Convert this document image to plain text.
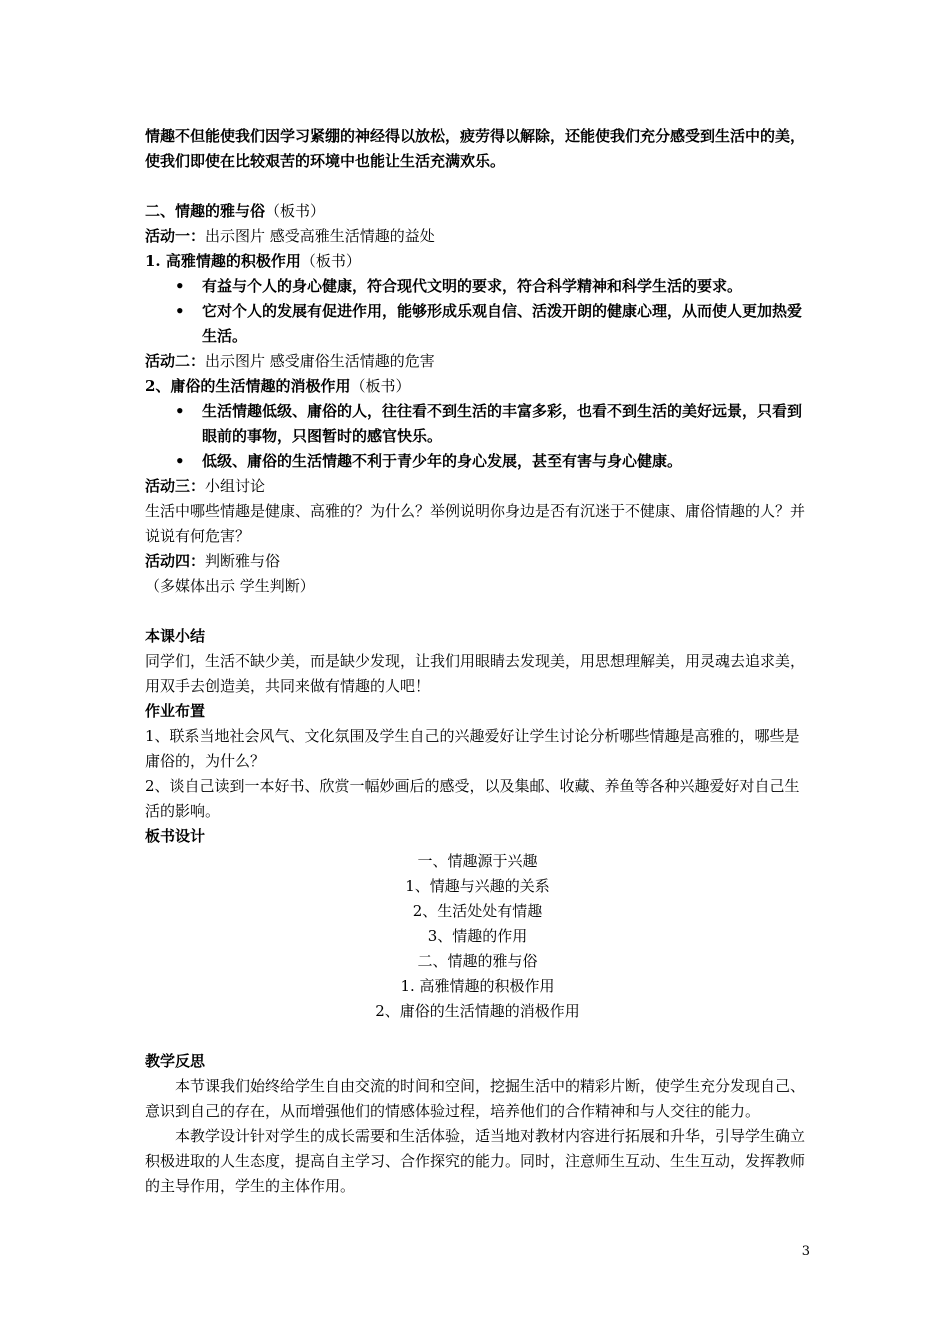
情趣不但能使我们因学习紧绷的神经得以放松，疲劳得以解除，还能使我们充分感受到生活中的美，使我们即使在比较艰苦的环境中也能让生活充满欢乐。

二、情趣的雅与俗（板书）

活动一：出示图片 感受高雅生活情趣的益处

1. 高雅情趣的积极作用（板书）

• 有益与个人的身心健康，符合现代文明的要求，符合科学精神和科学生活的要求。
• 它对个人的发展有促进作用，能够形成乐观自信、活泼开朗的健康心理，从而使人更加热爱生活。

活动二：出示图片 感受庸俗生活情趣的危害

2、庸俗的生活情趣的消极作用（板书）

• 生活情趣低级、庸俗的人，往往看不到生活的丰富多彩，也看不到生活的美好远景，只看到眼前的事物，只图暂时的感官快乐。
• 低级、庸俗的生活情趣不利于青少年的身心发展，甚至有害与身心健康。

活动三：小组讨论

生活中哪些情趣是健康、高雅的？为什么？举例说明你身边是否有沉迷于不健康、庸俗情趣的人？并说说有何危害？

活动四：判断雅与俗

（多媒体出示 学生判断）

本课小结

同学们，生活不缺少美，而是缺少发现，让我们用眼睛去发现美，用思想理解美，用灵魂去追求美，用双手去创造美，共同来做有情趣的人吧！

作业布置

1、联系当地社会风气、文化氛围及学生自己的兴趣爱好让学生讨论分析哪些情趣是高雅的，哪些是庸俗的，为什么？

2、谈自己读到一本好书、欣赏一幅妙画后的感受，以及集邮、收藏、养鱼等各种兴趣爱好对自己生活的影响。

板书设计

一、情趣源于兴趣

1、情趣与兴趣的关系

2、生活处处有情趣

3、情趣的作用

二、情趣的雅与俗

1. 高雅情趣的积极作用

2、庸俗的生活情趣的消极作用

教学反思

本节课我们始终给学生自由交流的时间和空间，挖掘生活中的精彩片断，使学生充分发现自己、意识到自己的存在，从而增强他们的情感体验过程，培养他们的合作精神和与人交往的能力。

本教学设计针对学生的成长需要和生活体验，适当地对教材内容进行拓展和升华，引导学生确立积极进取的人生态度，提高自主学习、合作探究的能力。同时，注意师生互动、生生互动，发挥教师的主导作用，学生的主体作用。

3
